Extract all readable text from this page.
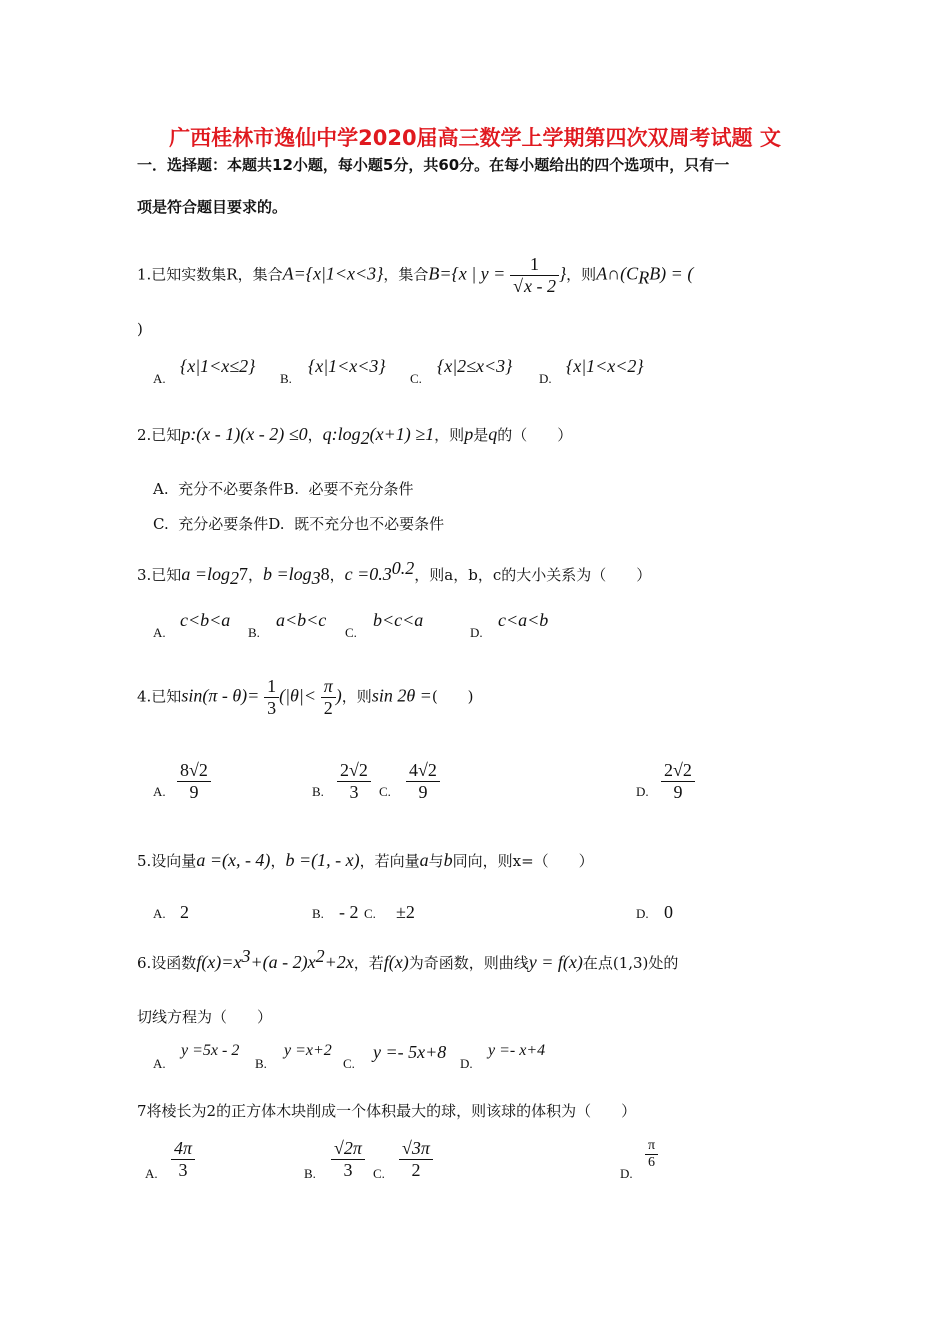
广西桂林市逸仙中学2020届高三数学上学期第四次双周考试题 文
一．选择题：本题共12小题，每小题5分，共60分。在每小题给出的四个选项中，只有一
项是符合题目要求的。
1.已知实数集R，集合A={x|1<x<3}，集合B={x | $y = \frac{1}{√x - 2}$ }，则$A\cap(C_RB)$ = (
)
A.
{x|1<x≤2}
B.
{x|1<x<3}
C.
{x|2≤x<3}
D.
{x|1<x<2}
2.已知p:(x - 1)(x - 2) ≤0，$q:\log_2(x+1) \ge 1$，则p是q的（　　）
A. 充分不必要条件B. 必要不充分条件
C. 充分必要条件D. 既不充分也不必要条件
3.已知$a =\log_27$，$b =\log_38$，$c =0.3^{0.2}$，则a，b，c的大小关系为（　　）
A.
c<b<a
B.
a<b<c
C.
b<c<a
D.
c<a<b
4.已知$\sin(\pi - \theta)= \frac{1}{3} (|\theta|< \frac{\pi}{2}$ )，则sin 2θ =(　　)
A. $\frac{8√2}{9}$	B. $\frac{2√2}{3} C$. $\frac{4√2}{9}$	D. $\frac{2√2}{9}$
5.设向量a =(x, - 4)，b =(1, - x)，若向量a与b同向，则x=（　　）
A. 2	B. - 2 C. ±2	D. 0
6.设函数$f(x)=x^3+(a - 2)x^2+2x$，若f(x)为奇函数，则曲线y = f(x)在点(1,3)处的
切线方程为（　　）
A.
y =5x - 2
B.
y =x+2
C.
y =- 5x+8
D.
y =- x+4
7将棱长为2的正方体木块削成一个体积最大的球，则该球的体积为（　　）
A. $\frac{4\pi}{3}$	B. $\frac{√2\pi}{3} C$. $\frac{√3\pi}{2}$	D.
$\frac{\pi}{6}$
